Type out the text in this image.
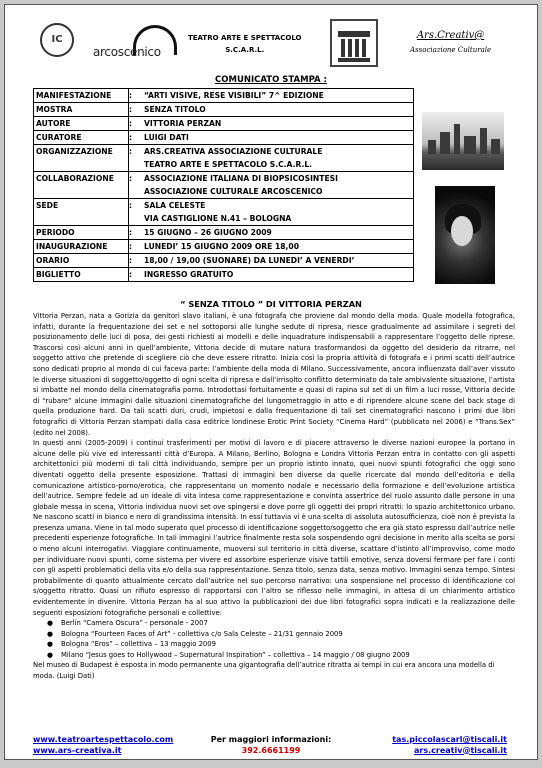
IC
arcoscenico
TEATRO ARTE E SPETTACOLO
S.C.A.R.L.
Ars.Creativ@
Associazione Culturale
COMUNICATO STAMPA :
MANIFESTAZIONE	:	“ARTI VISIVE, RESE VISIBILI” 7^ EDIZIONE
MOSTRA	:	SENZA TITOLO
AUTORE	:	VITTORIA PERZAN
CURATORE	:	LUIGI DATI
ORGANIZZAZIONE	:	ARS.CREATIVA ASSOCIAZIONE CULTURALE
TEATRO ARTE E SPETTACOLO S.C.A.R.L.
COLLABORAZIONE	:	ASSOCIAZIONE ITALIANA DI BIOPSICOSINTESI
ASSOCIAZIONE CULTURALE ARCOSCENICO
SEDE	:	SALA CELESTE
VIA CASTIGLIONE N.41 – BOLOGNA
PERIODO	:	15 GIUGNO – 26 GIUGNO 2009
INAUGURAZIONE	:	LUNEDI’ 15 GIUGNO 2009 ORE 18,00
ORARIO	:	18,00 / 19,00 (SUONARE) DA LUNEDI’ A VENERDI’
BIGLIETTO	:	INGRESSO GRATUITO
“ SENZA TITOLO ” DI VITTORIA PERZAN

Vittoria Perzan, nata a Gorizia da genitori slavo italiani, è una fotografa che proviene dal mondo della moda. Quale modella fotografica, infatti, durante la frequentazione dei set e nel sottoporsi alle lunghe sedute di ripresa, riesce gradualmente ad assimilare i segreti del posizionamento delle luci di posa, dei gesti richiesti ai modelli e delle inquadrature indispensabili a rappresentare l’oggetto delle riprese. Trascorsi così alcuni anni in quell’ambiente, Vittoria decide di mutare natura trasformandosi da oggetto del desiderio da ritrarre, nel soggetto attivo che pretende di scegliere ciò che deve essere ritratto. Inizia così la propria attività di fotografa e i primi scatti dell’autrice sono dedicati proprio al mondo di cui faceva parte: l’ambiente della moda di Milano. Successivamente, ancora influenzata dall’aver vissuto le diverse situazioni di soggetto/oggetto di ogni scelta di ripresa e dall’irrisolto conflitto determinato da tale ambivalente situazione, l’artista si imbatte nel mondo della cinematografia porno. Introdottasi fortuitamente e quasi di rapina sul set di un film a luci rosse, Vittoria decide di “rubare” alcune immagini dalle situazioni cinematografiche del lungometraggio in atto e di riprendere alcune scene del back stage di quella produzione hard. Da tali scatti duri, crudi, impietosi e dalla frequentazione di tali set cinematografici nascono i primi due libri fotografici di Vittoria Perzan stampati dalla casa editrice londinese Erotic Print Society “Cinema Hard” (pubblicato nel 2006) e “Trans.Sex” (edito nel 2008).

In questi anni (2005-2009) i continui trasferimenti per motivi di lavoro e di piacere attraverso le diverse nazioni europee la portano in alcune delle più vive ed interessanti città d’Europa. A Milano, Berlino, Bologna e Londra Vittoria Perzan entra in contatto con gli aspetti architettonici più moderni di tali città individuando, sempre per un proprio istinto innato, quei nuovi spunti fotografici che oggi sono diventati oggetto della presente esposizione. Trattasi di immagini ben diverse da quelle ricercate dal mondo dell’editoria e della comunicazione artistico-porno/erotica, che rappresentano un momento nodale e necessario della formazione e dell’evoluzione artistica dell’autrice. Sempre fedele ad un ideale di vita intesa come rappresentazione e convinta assertrice del ruolo assunto dalle persone in una globale messa in scena, Vittoria individua nuovi set ove spingersi e dove porre gli oggetti dei propri ritratti: lo spazio architettonico urbano. Ne nascono scatti in bianco e nero di grandissima intensità. In essi tuttavia vi è una scelta di assoluta autosufficienza, cioè non è prevista la presenza umana. Viene in tal modo superato quel processo di identificazione soggetto/soggetto che era già stato espresso dall’autrice nelle precedenti esperienze fotografiche. In tali immagini l’autrice finalmente resta sola sospendendo ogni decisione in merito alla scelta se porsi o meno alcuni interrogativi. Viaggiare continuamente, muoversi sul territorio in città diverse, scattare d’istinto all’improvviso, come modo per individuare nuovi spunti, come sistema per vivere ed assorbire esperienze visive tattili emotive, senza doversi fermare per fare i conti con gli aspetti problematici della vita e/o della sua rappresentazione. Senza titolo, senza data, senza motivo. Immagini senza tempo. Sintesi probabilmente di quanto attualmente cercato dall’autrice nel suo percorso narrativo: una sospensione nel processo di identificazione col s/oggetto ritratto. Quasi un rifiuto espresso di rapportarsi con l’altro se riflesso nelle immagini, in attesa di un chiarimento artistico evidentemente in divenire. Vittoria Perzan ha al suo attivo la pubblicazioni dei due libri fotografici sopra indicati e la realizzazione delle seguenti esposizioni fotografiche personali e collettive:

●	Berlin “Camera Oscura” - personale - 2007
●	Bologna “Fourteen Faces of Art” - collettiva c/o Sala Celeste – 21/31 gennaio 2009
●	Bologna “Eros” – collettiva – 13 maggio 2009
●	Milano “Jesus goes to Hollywood – Supernatural Inspiration” – collettiva – 14 maggio / 08 giugno 2009
Nel museo di Budapest è esposta in modo permanente una gigantografia dell’autrice ritratta ai tempi in cui era ancora una modella di moda. (Luigi Dati)
www.teatroartespettacolo.com
www.ars-creativa.it
Per maggiori informazioni:
392.6661199
tas.piccolascarl@tiscali.it
ars.creativ@tiscali.it
